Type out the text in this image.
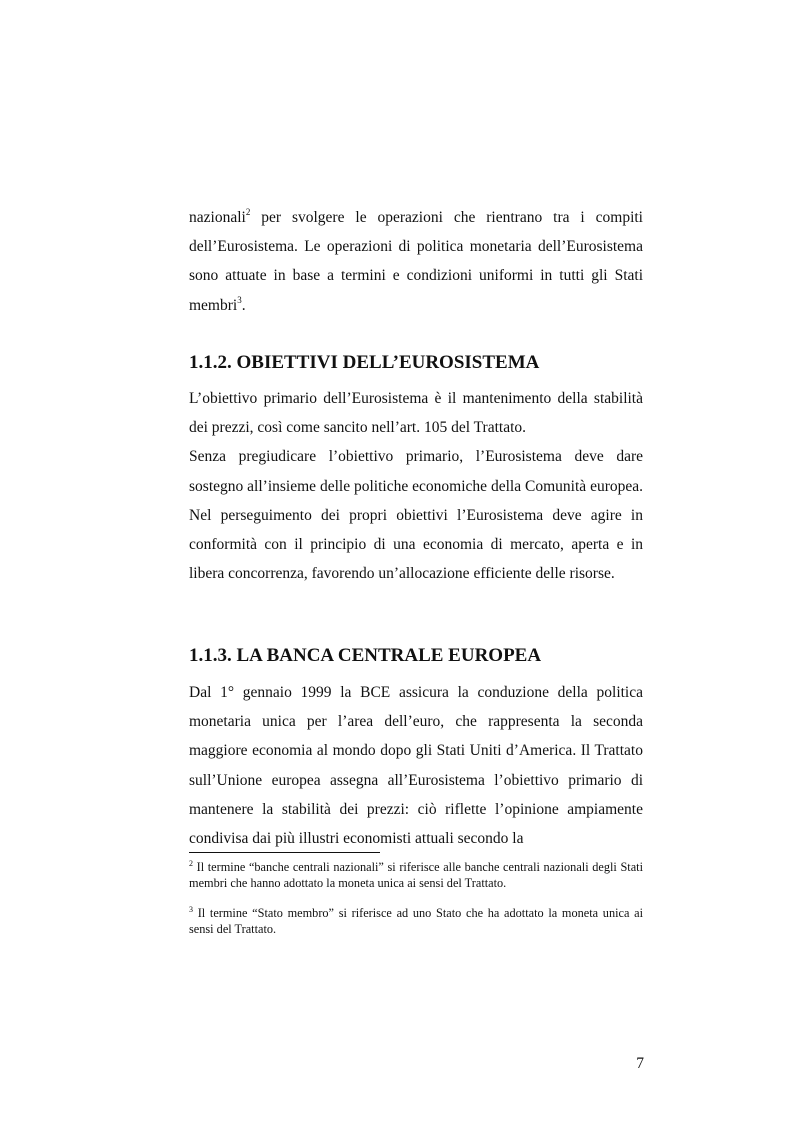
nazionali$^2$ per svolgere le operazioni che rientrano tra i compiti dell’Eurosistema. Le operazioni di politica monetaria dell’Eurosistema sono attuate in base a termini e condizioni uniformi in tutti gli Stati membri$^3$.

1.1.2. OBIETTIVI DELL’EUROSISTEMA

L’obiettivo primario dell’Eurosistema è il mantenimento della stabilità dei prezzi, così come sancito nell’art. 105 del Trattato.

Senza pregiudicare l’obiettivo primario, l’Eurosistema deve dare sostegno all’insieme delle politiche economiche della Comunità europea. Nel perseguimento dei propri obiettivi l’Eurosistema deve agire in conformità con il principio di una economia di mercato, aperta e in libera concorrenza, favorendo un’allocazione efficiente delle risorse.

1.1.3. LA BANCA CENTRALE EUROPEA

Dal 1° gennaio 1999 la BCE assicura la conduzione della politica monetaria unica per l’area dell’euro, che rappresenta la seconda maggiore economia al mondo dopo gli Stati Uniti d’America. Il Trattato sull’Unione europea assegna all’Eurosistema l’obiettivo primario di mantenere la stabilità dei prezzi: ciò riflette l’opinione ampiamente condivisa dai più illustri economisti attuali secondo la

$^2$ Il termine “banche centrali nazionali” si riferisce alle banche centrali nazionali degli Stati membri che hanno adottato la moneta unica ai sensi del Trattato.

$^3$ Il termine “Stato membro” si riferisce ad uno Stato che ha adottato la moneta unica ai sensi del Trattato.

7
